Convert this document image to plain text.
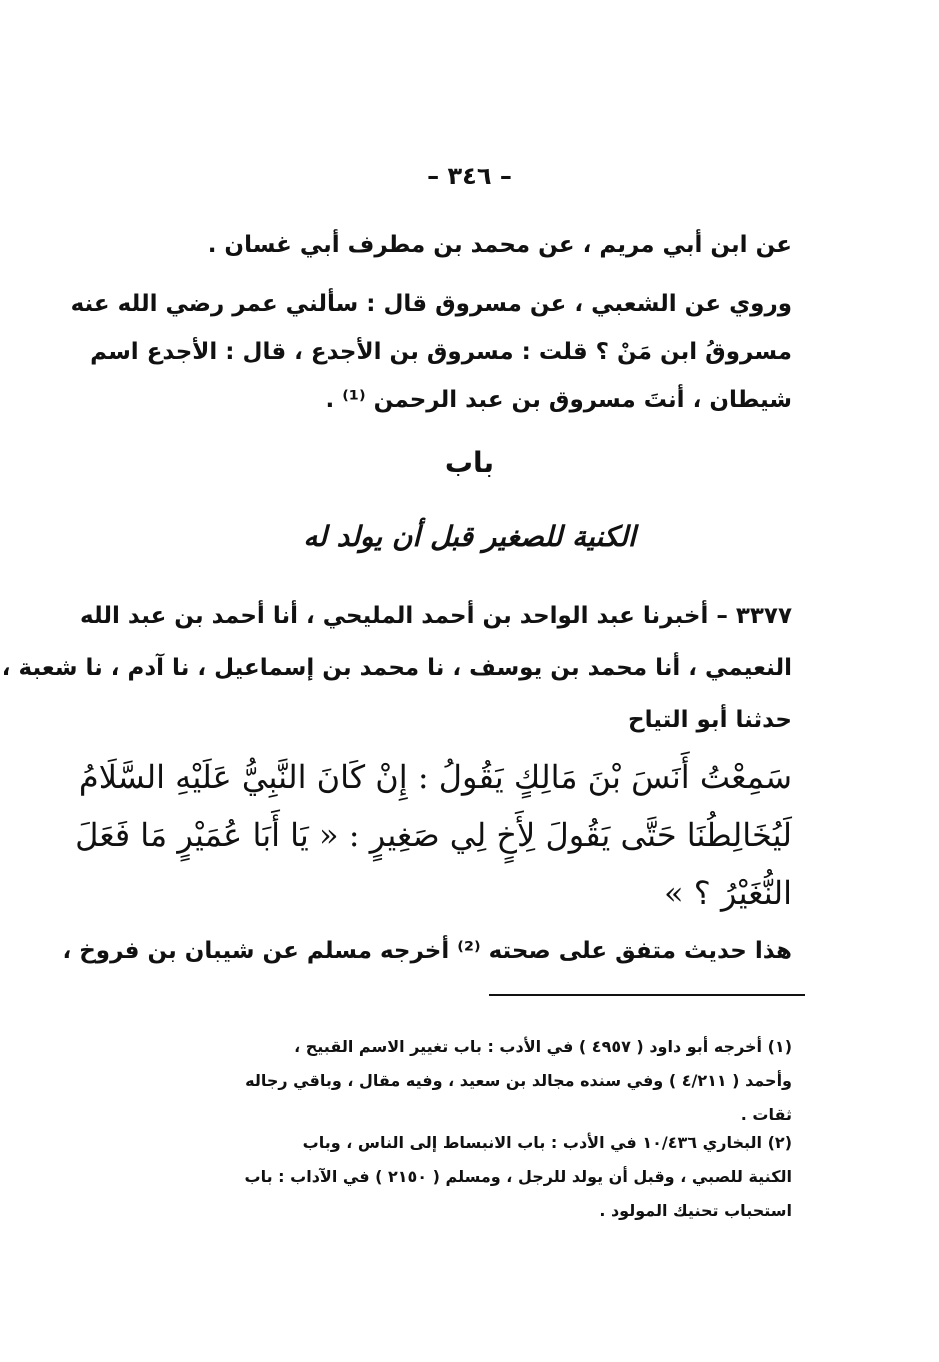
– ٣٤٦ –
عن ابن أبي مريم ، عن محمد بن مطرف أبي غسان .
وروي عن الشعبي ، عن مسروق قال : سألني عمر رضي الله عنه
مسروقُ ابن مَنْ ؟ قلت : مسروق بن الأجدع ، قال : الأجدع اسم
شيطان ، أنتَ مسروق بن عبد الرحمن ⁽¹⁾ .
باب
الكنية للصغير قبل أن يولد له
٣٣٧٧ – أخبرنا عبد الواحد بن أحمد المليحي ، أنا أحمد بن عبد الله
النعيمي ، أنا محمد بن يوسف ، نا محمد بن إسماعيل ، نا آدم ، نا شعبة ،
حدثنا أبو التياح
سَمِعْتُ أَنَسَ بْنَ مَالِكٍ يَقُولُ : إِنْ كَانَ النَّبِيُّ عَلَيْهِ السَّلَامُ
لَيُخَالِطُنَا حَتَّى يَقُولَ لِأَخٍ لِي صَغِيرٍ : « يَا أَبَا عُمَيْرٍ مَا فَعَلَ
النُّغَيْرُ ؟ »
هذا حديث متفق على صحته ⁽²⁾ أخرجه مسلم عن شيبان بن فروخ ،
(١) أخرجه أبو داود ( ٤٩٥٧ ) في الأدب : باب تغيير الاسم القبيح ،
وأحمد ( ٤/٢١١ ) وفي سنده مجالد بن سعيد ، وفيه مقال ، وباقي رجاله
ثقات .
(٢) البخاري ١٠/٤٣٦ في الأدب : باب الانبساط إلى الناس ، وباب
الكنية للصبي ، وقبل أن يولد للرجل ، ومسلم ( ٢١٥٠ ) في الآداب : باب
استحباب تحنيك المولود .
